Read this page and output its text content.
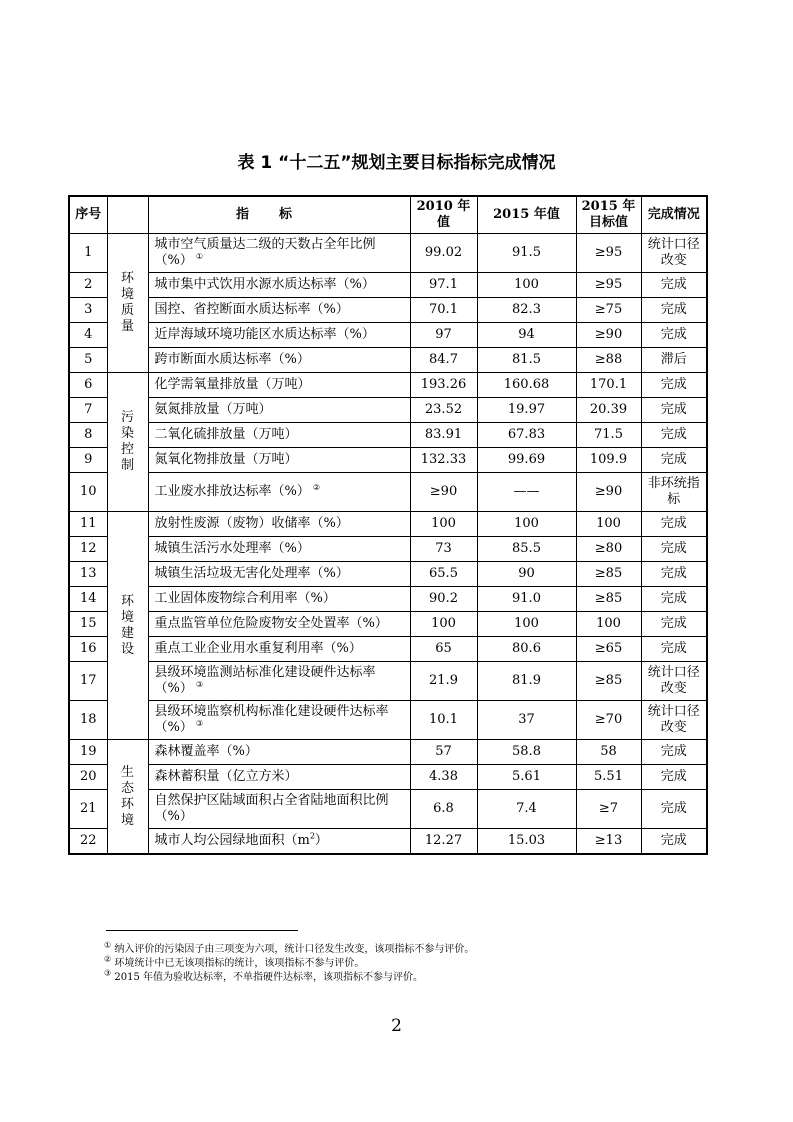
表 1 “十二五”规划主要目标指标完成情况
序号		指标	2010 年值	2015 年值	2015 年目标值	完成情况
1	环境质量	城市空气质量达二级的天数占全年比例（%） ①	99.02	91.5	≥95	统计口径改变
2		城市集中式饮用水源水质达标率（%）	97.1	100	≥95	完成
3		国控、省控断面水质达标率（%）	70.1	82.3	≥75	完成
4		近岸海域环境功能区水质达标率（%）	97	94	≥90	完成
5		跨市断面水质达标率（%）	84.7	81.5	≥88	滞后
6	污染控制	化学需氧量排放量（万吨）	193.26	160.68	170.1	完成
7		氨氮排放量（万吨）	23.52	19.97	20.39	完成
8		二氧化硫排放量（万吨）	83.91	67.83	71.5	完成
9		氮氧化物排放量（万吨）	132.33	99.69	109.9	完成
10		工业废水排放达标率（%） ②	≥90	——	≥90	非环统指标
11	环境建设	放射性废源（废物）收储率（%）	100	100	100	完成
12		城镇生活污水处理率（%）	73	85.5	≥80	完成
13		城镇生活垃圾无害化处理率（%）	65.5	90	≥85	完成
14		工业固体废物综合利用率（%）	90.2	91.0	≥85	完成
15		重点监管单位危险废物安全处置率（%）	100	100	100	完成
16		重点工业企业用水重复利用率（%）	65	80.6	≥65	完成
17		县级环境监测站标准化建设硬件达标率（%） ③	21.9	81.9	≥85	统计口径改变
18		县级环境监察机构标准化建设硬件达标率（%） ③	10.1	37	≥70	统计口径改变
19	生态环境	森林覆盖率（%）	57	58.8	58	完成
20		森林蓄积量（亿立方米）	4.38	5.61	5.51	完成
21		自然保护区陆域面积占全省陆地面积比例（%）	6.8	7.4	≥7	完成
22		城市人均公园绿地面积$(m^2)$	12.27	15.03	≥13	完成
① 纳入评价的污染因子由三项变为六项，统计口径发生改变，该项指标不参与评价。
② 环境统计中已无该项指标的统计，该项指标不参与评价。
③ 2015 年值为验收达标率，不单指硬件达标率，该项指标不参与评价。
2
